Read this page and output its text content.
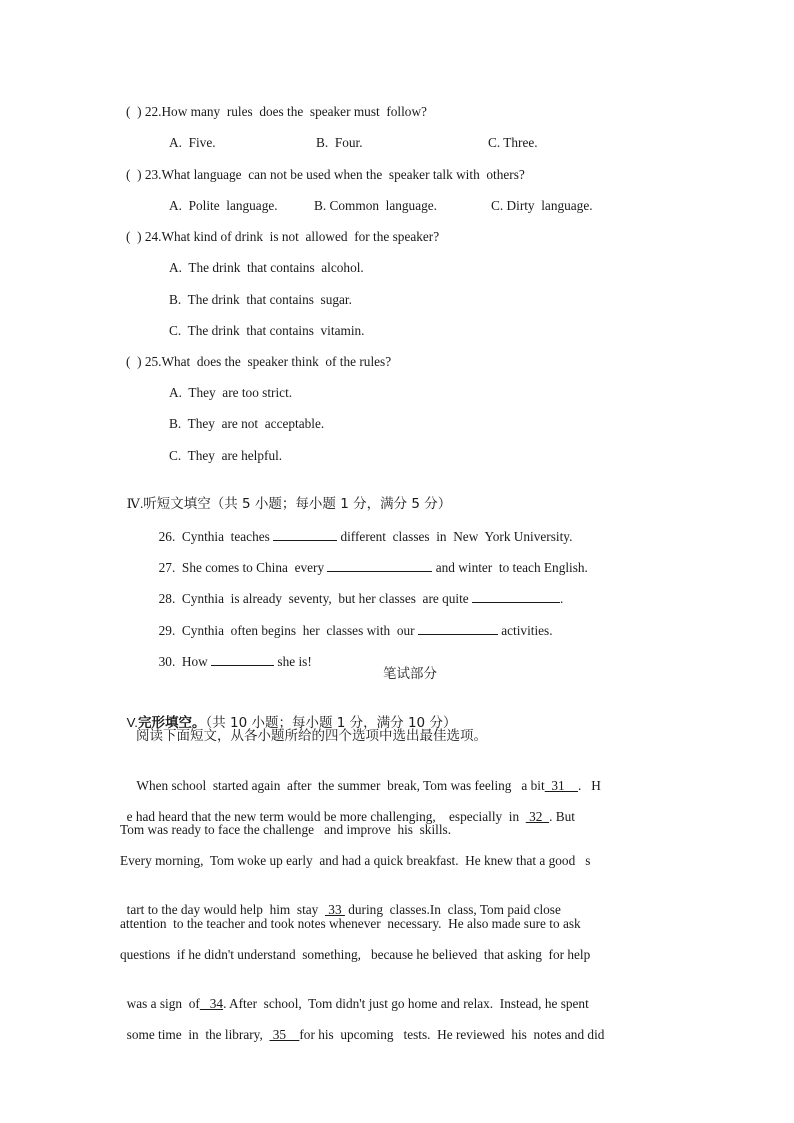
(  ) 22.How many  rules  does the  speaker must  follow?
A.  Five.	B.  Four.	C. Three.
(  ) 23.What language  can not be used when the  speaker talk with  others?
A.  Polite  language.	B. Common  language.	C. Dirty  language.
(  ) 24.What kind of drink  is not  allowed  for the speaker?
A.  The drink  that contains  alcohol.
B.  The drink  that contains  sugar.
C.  The drink  that contains  vitamin.
(  ) 25.What  does the  speaker think  of the rules?
A.  They  are too strict.
B.  They  are not  acceptable.
C.  They  are helpful.

Ⅳ.听短文填空（共 5 小题；每小题 1 分，满分 5 分）

26.  Cynthia  teaches	different  classes  in  New  York University.

27.  She comes to China  every	and winter  to teach English.

28.  Cynthia  is already  seventy,  but her classes  are quite	.

29.  Cynthia  often begins  her  classes with  our	activities.

30.  How	she is!

笔试部分

V.完形填空。（共 10 小题；每小题 1 分，满分 10 分）

阅读下面短文，从各小题所给的四个选项中选出最佳选项。

When school  started again  after  the summer  break, Tom was feeling   a bit  31    .   H

e had heard that the new term would be more challenging,    especially  in   32  . But

Tom was ready to face the challenge   and improve  his  skills.
Every morning,  Tom woke up early  and had a quick breakfast.  He knew that a good   s

tart to the day would help  him  stay   33  during  classes.In  class, Tom paid close

attention  to the teacher and took notes whenever  necessary.  He also made sure to ask
questions  if he didn't understand  something,   because he believed  that asking  for help

was a sign  of   34. After  school,  Tom didn't just go home and relax.  Instead, he spent

some time  in  the library,   35    for his  upcoming   tests.  He reviewed  his  notes and did
